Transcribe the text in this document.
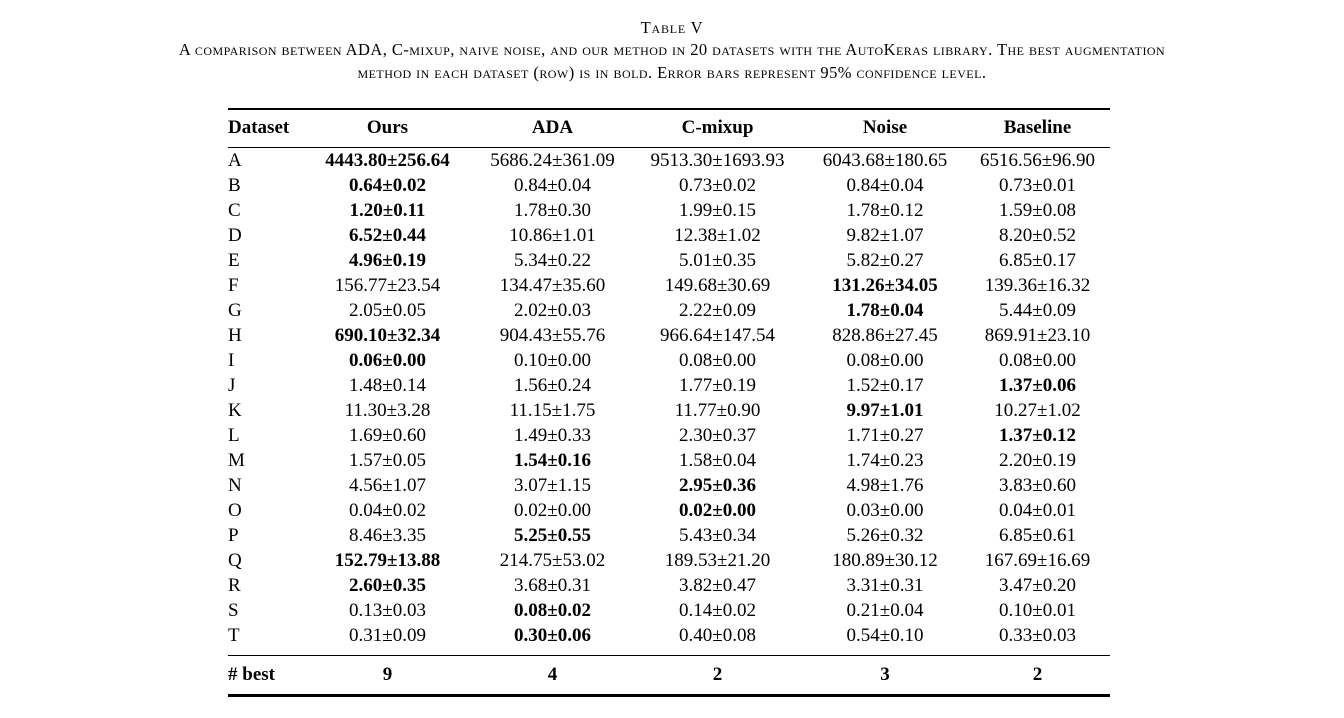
Table V
A comparison between ADA, C-mixup, naive noise, and our method in 20 datasets with the AutoKeras library. The best augmentation
method in each dataset (row) is in bold. Error bars represent 95% confidence level.
Dataset	Ours	ADA	C-mixup	Noise	Baseline
A	4443.80±256.64	5686.24±361.09	9513.30±1693.93	6043.68±180.65	6516.56±96.90
B	0.64±0.02	0.84±0.04	0.73±0.02	0.84±0.04	0.73±0.01
C	1.20±0.11	1.78±0.30	1.99±0.15	1.78±0.12	1.59±0.08
D	6.52±0.44	10.86±1.01	12.38±1.02	9.82±1.07	8.20±0.52
E	4.96±0.19	5.34±0.22	5.01±0.35	5.82±0.27	6.85±0.17
F	156.77±23.54	134.47±35.60	149.68±30.69	131.26±34.05	139.36±16.32
G	2.05±0.05	2.02±0.03	2.22±0.09	1.78±0.04	5.44±0.09
H	690.10±32.34	904.43±55.76	966.64±147.54	828.86±27.45	869.91±23.10
I	0.06±0.00	0.10±0.00	0.08±0.00	0.08±0.00	0.08±0.00
J	1.48±0.14	1.56±0.24	1.77±0.19	1.52±0.17	1.37±0.06
K	11.30±3.28	11.15±1.75	11.77±0.90	9.97±1.01	10.27±1.02
L	1.69±0.60	1.49±0.33	2.30±0.37	1.71±0.27	1.37±0.12
M	1.57±0.05	1.54±0.16	1.58±0.04	1.74±0.23	2.20±0.19
N	4.56±1.07	3.07±1.15	2.95±0.36	4.98±1.76	3.83±0.60
O	0.04±0.02	0.02±0.00	0.02±0.00	0.03±0.00	0.04±0.01
P	8.46±3.35	5.25±0.55	5.43±0.34	5.26±0.32	6.85±0.61
Q	152.79±13.88	214.75±53.02	189.53±21.20	180.89±30.12	167.69±16.69
R	2.60±0.35	3.68±0.31	3.82±0.47	3.31±0.31	3.47±0.20
S	0.13±0.03	0.08±0.02	0.14±0.02	0.21±0.04	0.10±0.01
T	0.31±0.09	0.30±0.06	0.40±0.08	0.54±0.10	0.33±0.03
# best	9	4	2	3	2
